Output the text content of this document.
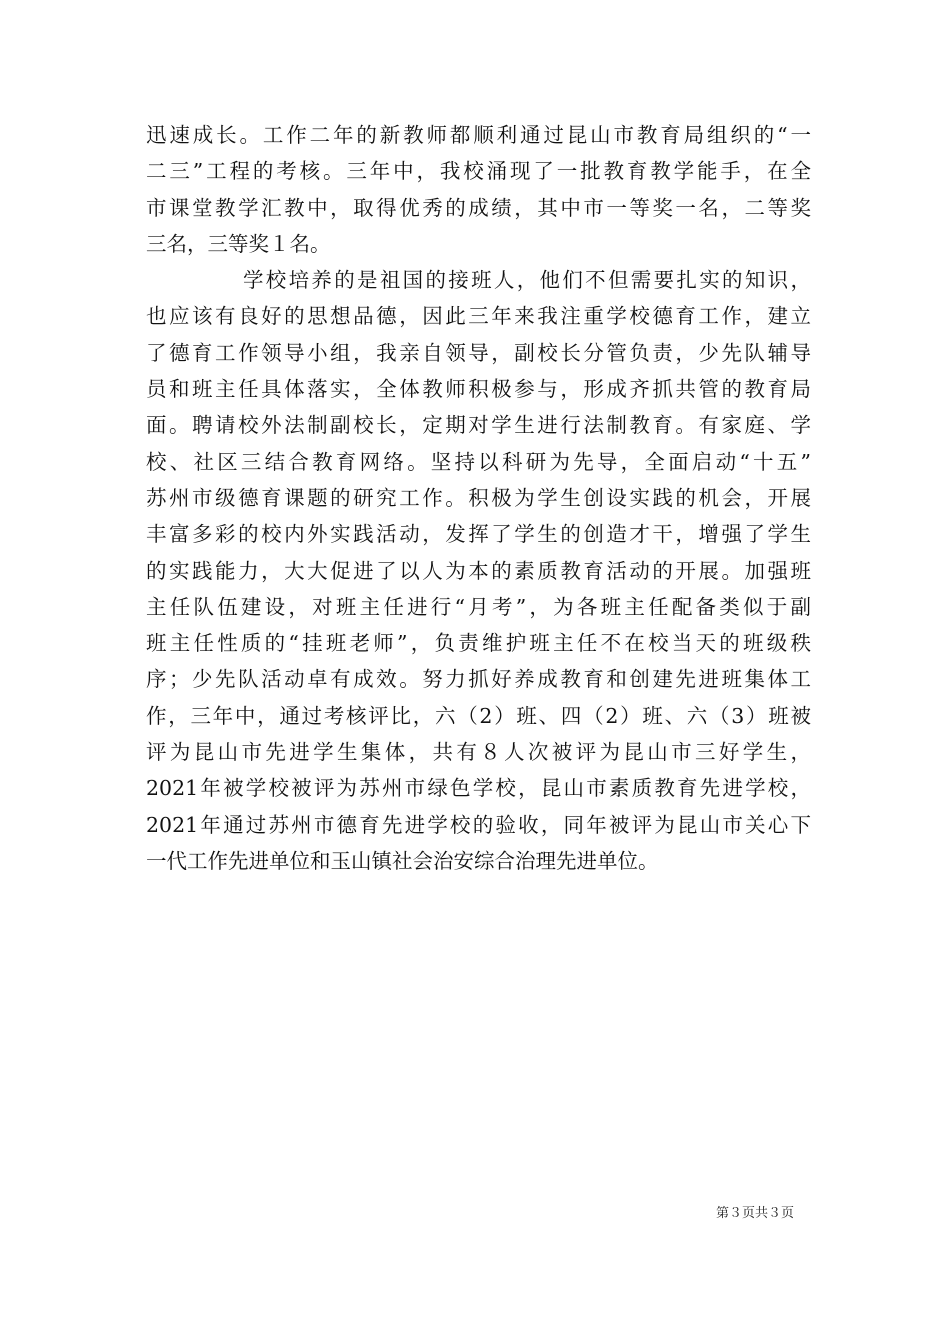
迅速成长。工作二年的新教师都顺利通过昆山市教育局组织的“一
二三”工程的考核。三年中，我校涌现了一批教育教学能手，在全
市课堂教学汇教中，取得优秀的成绩，其中市一等奖一名，二等奖
三名，三等奖１名。
学校培养的是祖国的接班人，他们不但需要扎实的知识，
也应该有良好的思想品德，因此三年来我注重学校德育工作，建立
了德育工作领导小组，我亲自领导，副校长分管负责，少先队辅导
员和班主任具体落实，全体教师积极参与，形成齐抓共管的教育局
面。聘请校外法制副校长，定期对学生进行法制教育。有家庭、学
校、社区三结合教育网络。坚持以科研为先导，全面启动“十五”
苏州市级德育课题的研究工作。积极为学生创设实践的机会，开展
丰富多彩的校内外实践活动，发挥了学生的创造才干，增强了学生
的实践能力，大大促进了以人为本的素质教育活动的开展。加强班
主任队伍建设，对班主任进行“月考”，为各班主任配备类似于副
班主任性质的“挂班老师”，负责维护班主任不在校当天的班级秩
序；少先队活动卓有成效。努力抓好养成教育和创建先进班集体工
作，三年中，通过考核评比，六（2）班、四（2）班、六（3）班被
评为昆山市先进学生集体，共有８人次被评为昆山市三好学生，
2021年被学校被评为苏州市绿色学校，昆山市素质教育先进学校，
2021年通过苏州市德育先进学校的验收，同年被评为昆山市关心下
一代工作先进单位和玉山镇社会治安综合治理先进单位。
第３页共３页
